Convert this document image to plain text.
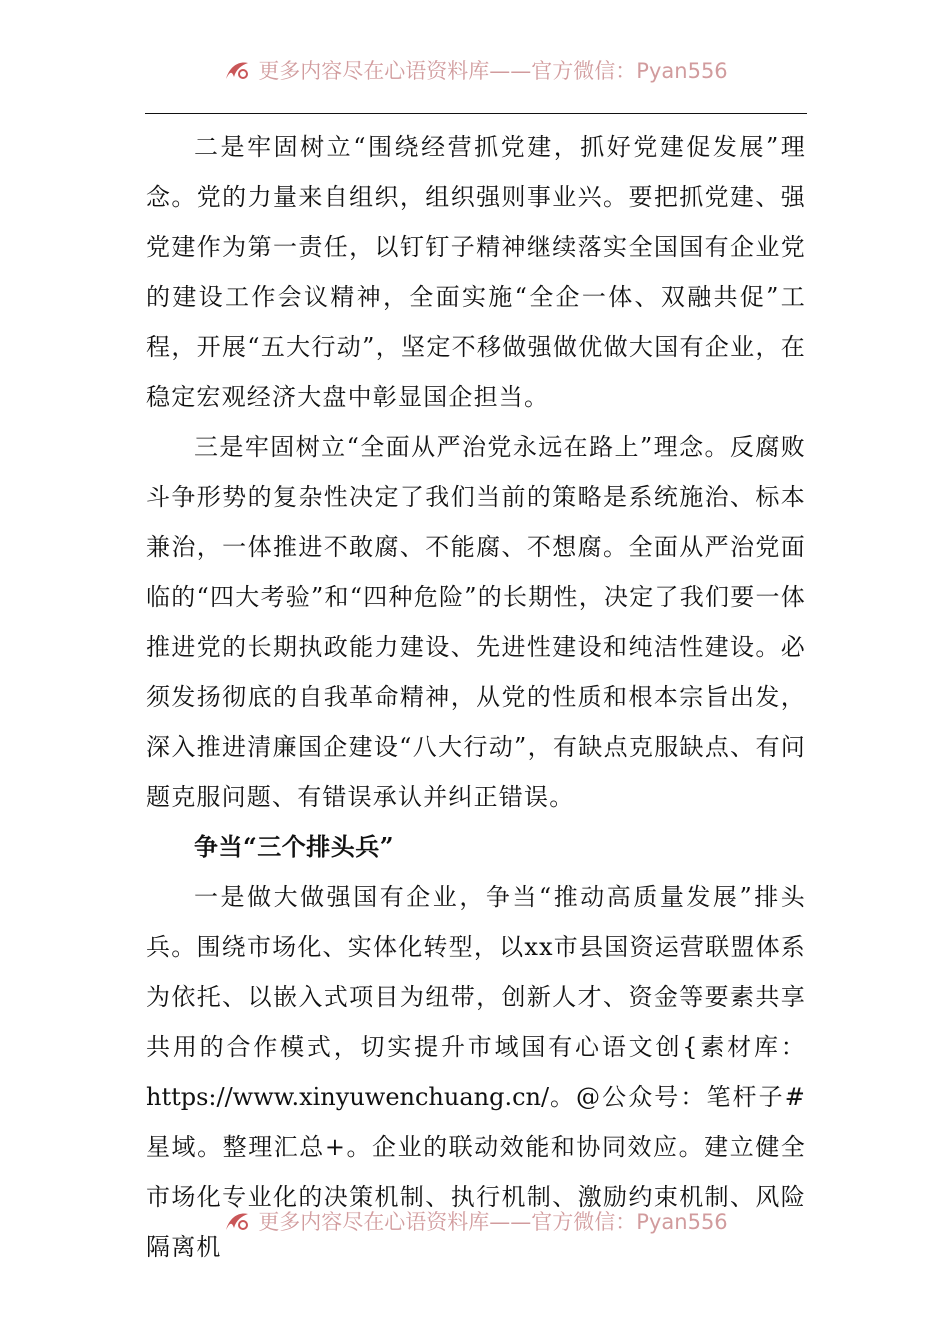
更多内容尽在心语资料库——官方微信：Pyan556

二是牢固树立“围绕经营抓党建，抓好党建促发展”理念。党的力量来自组织，组织强则事业兴。要把抓党建、强党建作为第一责任，以钉钉子精神继续落实全国国有企业党的建设工作会议精神，全面实施“全企一体、双融共促”工程，开展“五大行动”，坚定不移做强做优做大国有企业，在稳定宏观经济大盘中彰显国企担当。

三是牢固树立“全面从严治党永远在路上”理念。反腐败斗争形势的复杂性决定了我们当前的策略是系统施治、标本兼治，一体推进不敢腐、不能腐、不想腐。全面从严治党面临的“四大考验”和“四种危险”的长期性，决定了我们要一体推进党的长期执政能力建设、先进性建设和纯洁性建设。必须发扬彻底的自我革命精神，从党的性质和根本宗旨出发，深入推进清廉国企建设“八大行动”，有缺点克服缺点、有问题克服问题、有错误承认并纠正错误。

争当“三个排头兵”

一是做大做强国有企业，争当“推动高质量发展”排头兵。围绕市场化、实体化转型，以xx市县国资运营联盟体系为依托、以嵌入式项目为纽带，创新人才、资金等要素共享共用的合作模式，切实提升市域国有心语文创{素材库：https://www.xinyuwenchuang.cn/。@公众号：笔杆子#星域。整理汇总+。企业的联动效能和协同效应。建立健全市场化专业化的决策机制、执行机制、激励约束机制、风险隔离机

更多内容尽在心语资料库——官方微信：Pyan556
